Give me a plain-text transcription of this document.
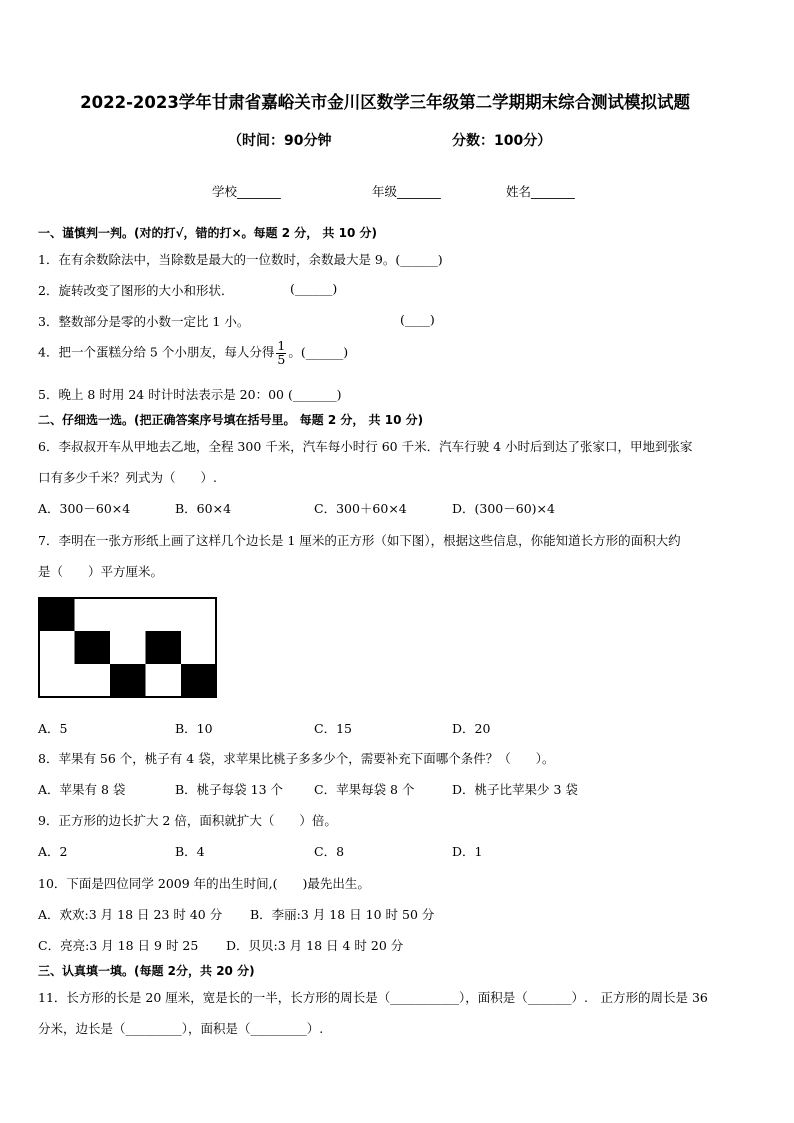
2022-2023学年甘肃省嘉峪关市金川区数学三年级第二学期期末综合测试模拟试题
（时间：90分钟	分数：100分）
学校_______	年级_______	姓名_______
一、谨慎判一判。(对的打√，错的打×。每题 2 分， 共 10 分)
1．在有余数除法中，当除数是最大的一位数时，余数最大是 9。(______)
2．旋转改变了图形的大小和形状．	(______)
3．整数部分是零的小数一定比 1 小。	(____)
4．把一个蛋糕分给 5 个小朋友，每人分得 $\frac{1}{5}$ 。(______)
5．晚上 8 时用 24 时计时法表示是 20：00 (_______)
二、仔细选一选。(把正确答案序号填在括号里。 每题 2 分， 共 10 分)
6．李叔叔开车从甲地去乙地，全程 300 千米，汽车每小时行 60 千米．汽车行驶 4 小时后到达了张家口，甲地到张家
口有多少千米？列式为（　　）.
A．300－60×4	B．60×4	C．300＋60×4	D．(300－60)×4
7．李明在一张方形纸上画了这样几个边长是 1 厘米的正方形（如下图），根据这些信息，你能知道长方形的面积大约
是（　　）平方厘米。
A．5	B．10	C．15	D．20
8．苹果有 56 个，桃子有 4 袋，求苹果比桃子多多少个，需要补充下面哪个条件？（　　）。
A．苹果有 8 袋	B．桃子每袋 13 个 C．苹果每袋 8 个	D．桃子比苹果少 3 袋
9．正方形的边长扩大 2 倍，面积就扩大（　　）倍。
A．2	B．4	C．8	D．1
10．下面是四位同学 2009 年的出生时间,(　　)最先出生。
A．欢欢:3 月 18 日 23 时 40 分 B．李丽:3 月 18 日 10 时 50 分
C．亮亮:3 月 18 日 9 时 25 D．贝贝:3 月 18 日 4 时 20 分
三、认真填一填。(每题 2分，共 20 分)
11．长方形的长是 20 厘米，宽是长的一半，长方形的周长是（___________），面积是（_______）.　正方形的周长是 36
分米，边长是（_________），面积是（_________）.
